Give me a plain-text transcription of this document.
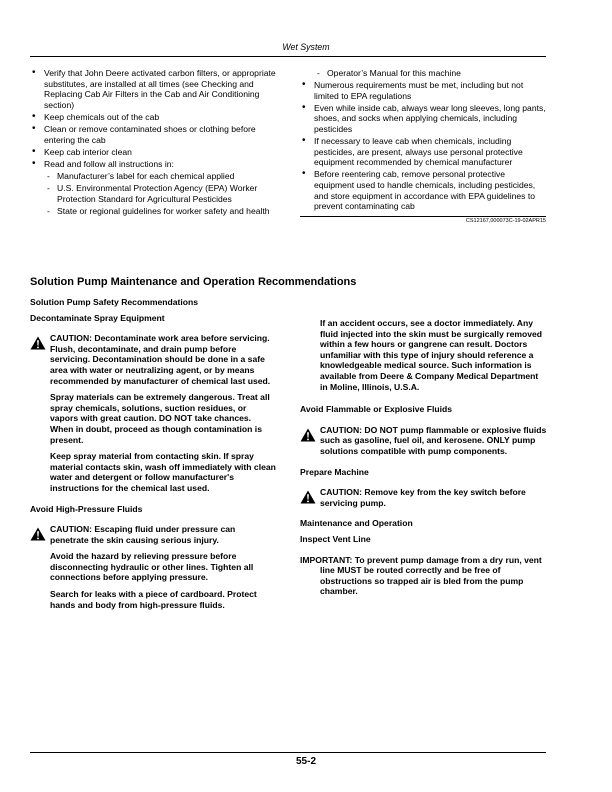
Wet System
• Verify that John Deere activated carbon filters, or appropriate substitutes, are installed at all times (see Checking and Replacing Cab Air Filters in the Cab and Air Conditioning section)
• Keep chemicals out of the cab
• Clean or remove contaminated shoes or clothing before entering the cab
• Keep cab interior clean
• Read and follow all instructions in:
- Manufacturer’s label for each chemical applied
- U.S. Environmental Protection Agency (EPA) Worker Protection Standard for Agricultural Pesticides
- State or regional guidelines for worker safety and health
- Operator’s Manual for this machine
• Numerous requirements must be met, including but not limited to EPA regulations
• Even while inside cab, always wear long sleeves, long pants, shoes, and socks when applying chemicals, including pesticides
• If necessary to leave cab when chemicals, including pesticides, are present, always use personal protective equipment recommended by chemical manufacturer
• Before reentering cab, remove personal protective equipment used to handle chemicals, including pesticides, and store equipment in accordance with EPA guidelines to prevent contaminating cab
CS12167,000073C-19-02APR15
Solution Pump Maintenance and Operation Recommendations
Solution Pump Safety Recommendations
Decontaminate Spray Equipment
CAUTION: Decontaminate work area before servicing. Flush, decontaminate, and drain pump before servicing. Decontamination should be done in a safe area with water or neutralizing agent, or by means recommended by manufacturer of chemical last used.
Spray materials can be extremely dangerous. Treat all spray chemicals, solutions, suction residues, or vapors with great caution. DO NOT take chances. When in doubt, proceed as though contamination is present.
Keep spray material from contacting skin. If spray material contacts skin, wash off immediately with clean water and detergent or follow manufacturer's instructions for the chemical last used.
Avoid High-Pressure Fluids
CAUTION: Escaping fluid under pressure can penetrate the skin causing serious injury.
Avoid the hazard by relieving pressure before disconnecting hydraulic or other lines. Tighten all connections before applying pressure.
Search for leaks with a piece of cardboard. Protect hands and body from high-pressure fluids.
If an accident occurs, see a doctor immediately. Any fluid injected into the skin must be surgically removed within a few hours or gangrene can result. Doctors unfamiliar with this type of injury should reference a knowledgeable medical source. Such information is available from Deere & Company Medical Department in Moline, Illinois, U.S.A.
Avoid Flammable or Explosive Fluids
CAUTION: DO NOT pump flammable or explosive fluids such as gasoline, fuel oil, and kerosene. ONLY pump solutions compatible with pump components.
Prepare Machine
CAUTION: Remove key from the key switch before servicing pump.
Maintenance and Operation
Inspect Vent Line
IMPORTANT: To prevent pump damage from a dry run, vent line MUST be routed correctly and be free of obstructions so trapped air is bled from the pump chamber.
55-2
